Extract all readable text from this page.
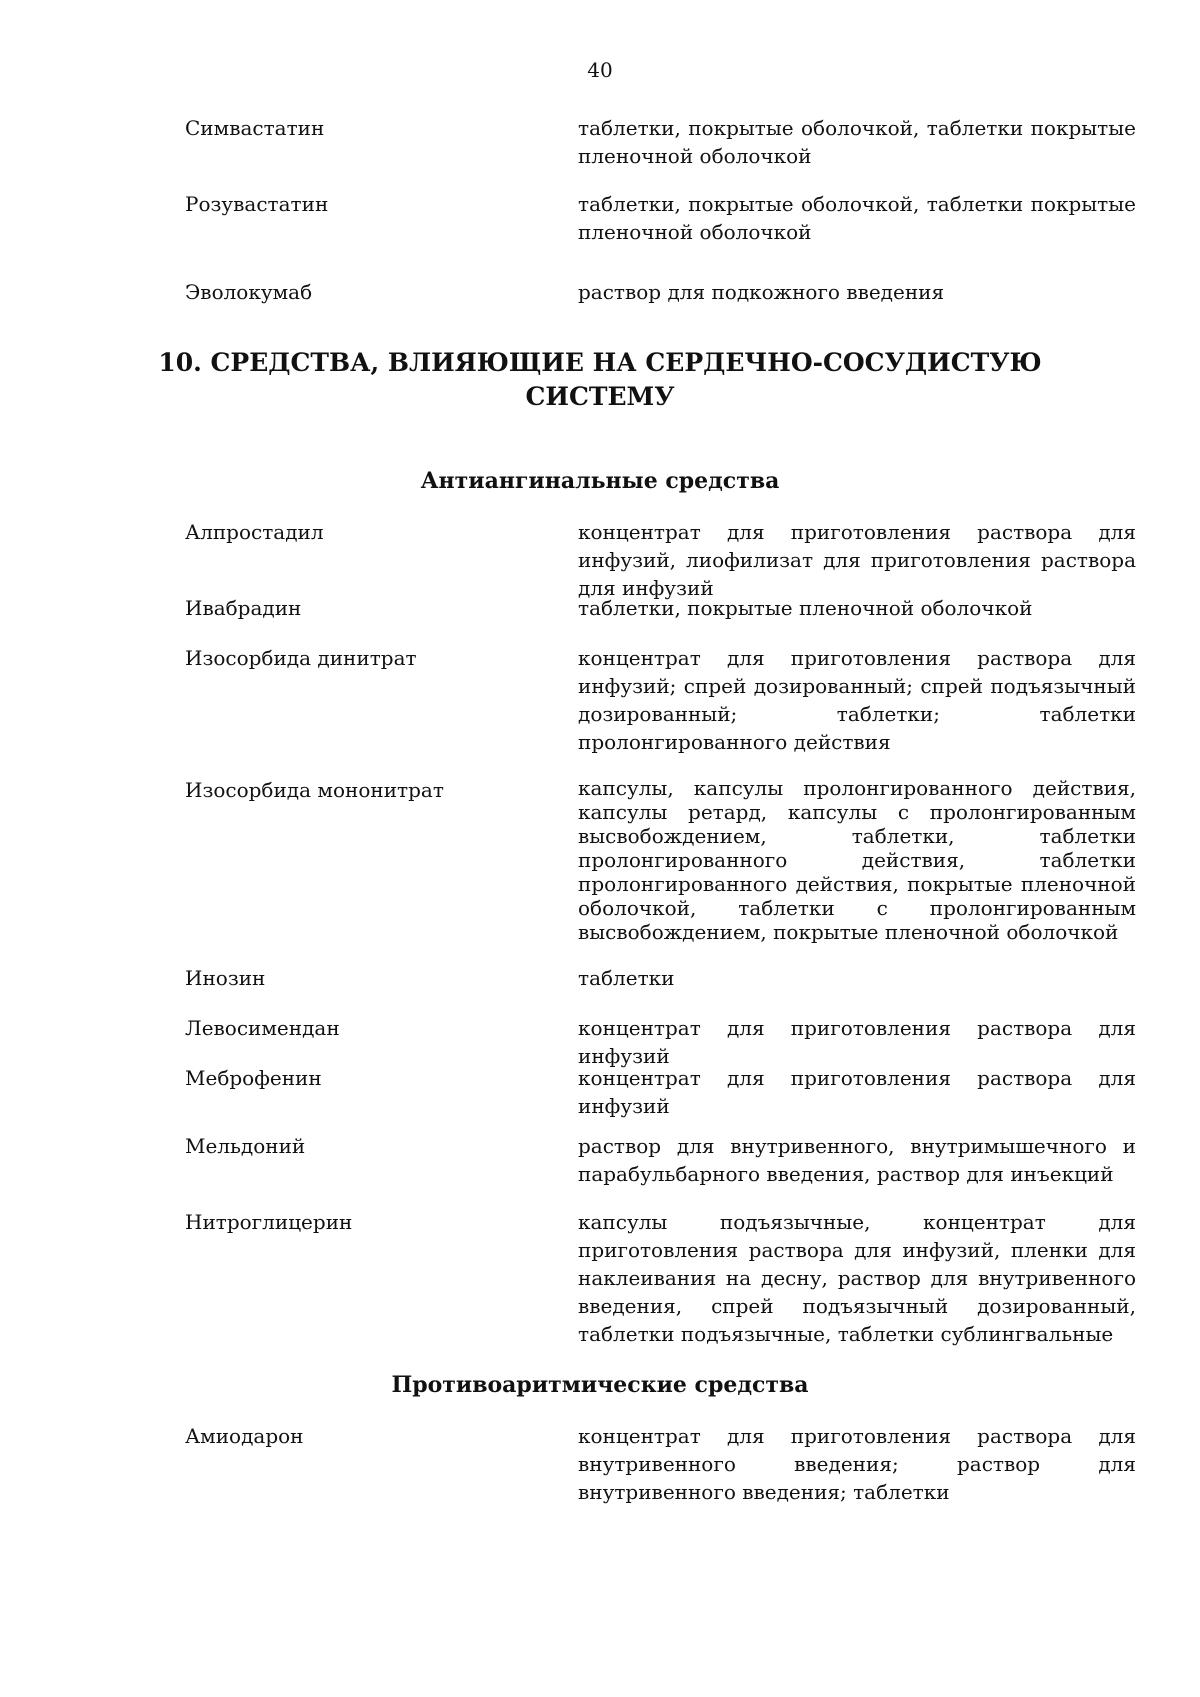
40
Симвастатин	таблетки, покрытые оболочкой, таблетки покрытые пленочной оболочкой
Розувастатин	таблетки, покрытые оболочкой, таблетки покрытые пленочной оболочкой
Эволокумаб	раствор для подкожного введения
10. СРЕДСТВА, ВЛИЯЮЩИЕ НА СЕРДЕЧНО-СОСУДИСТУЮ
СИСТЕМУ
Антиангинальные средства
Алпростадил	концентрат для приготовления раствора для инфузий, лиофилизат для приготовления раствора для инфузий
Ивабрадин	таблетки, покрытые пленочной оболочкой
Изосорбида динитрат	концентрат для приготовления раствора для инфузий; спрей дозированный; спрей подъязычный дозированный; таблетки; таблетки пролонгированного действия
Изосорбида мононитрат	капсулы, капсулы пролонгированного действия, капсулы ретард, капсулы с пролонгированным высвобождением, таблетки, таблетки пролонгированного действия, таблетки пролонгированного действия, покрытые пленочной оболочкой, таблетки с пролонгированным высвобождением, покрытые пленочной оболочкой
Инозин	таблетки
Левосимендан	концентрат для приготовления раствора для инфузий
Меброфенин	концентрат для приготовления раствора для инфузий
Мельдоний	раствор для внутривенного, внутримышечного и парабульбарного введения, раствор для инъекций
Нитроглицерин	капсулы подъязычные, концентрат для приготовления раствора для инфузий, пленки для наклеивания на десну, раствор для внутривенного введения, спрей подъязычный дозированный, таблетки подъязычные, таблетки сублингвальные
Противоаритмические средства
Амиодарон	концентрат для приготовления раствора для внутривенного введения; раствор для внутривенного введения; таблетки
